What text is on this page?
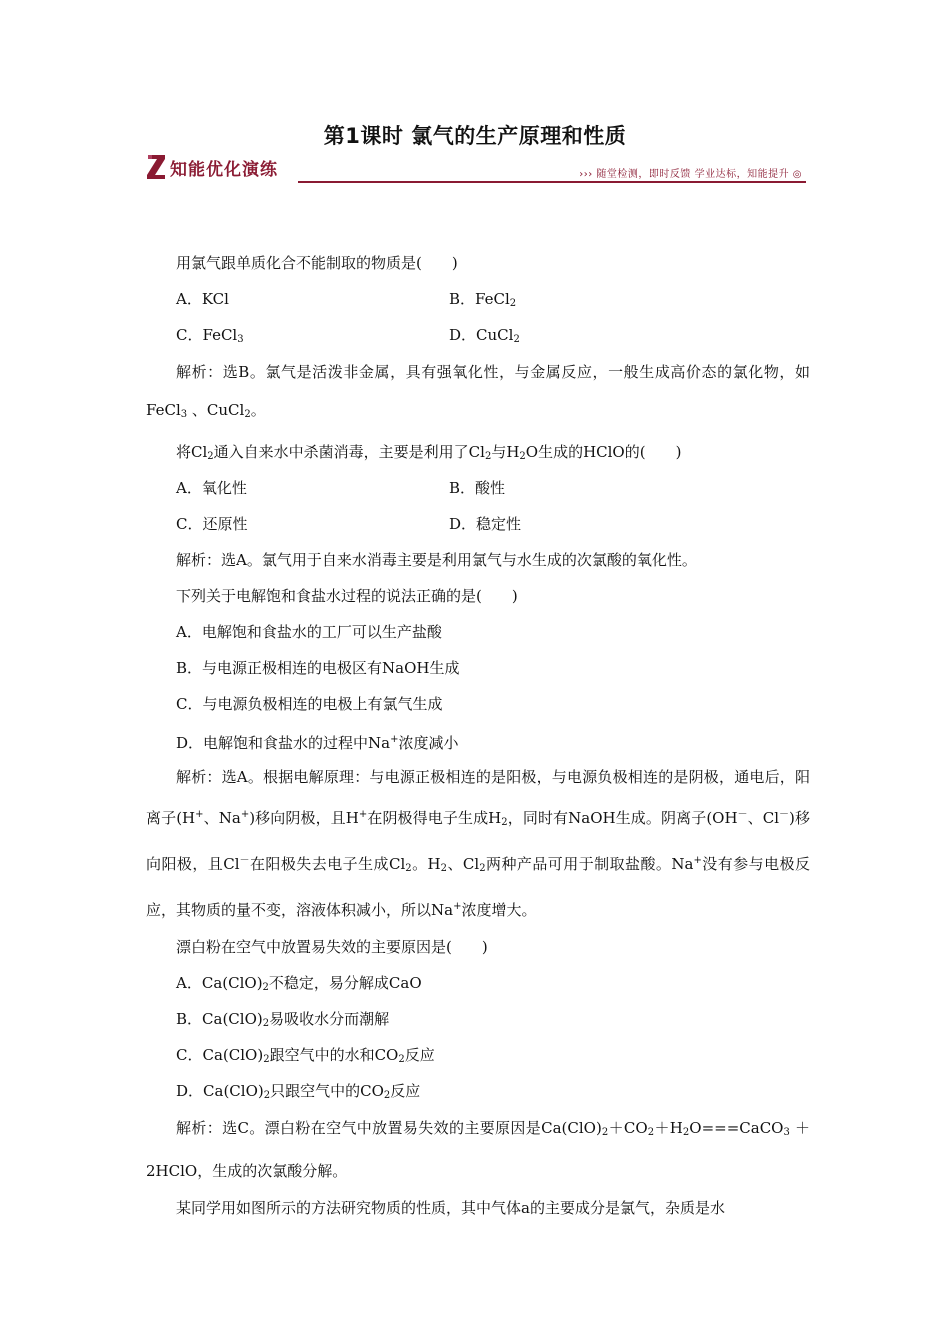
第1课时 氯气的生产原理和性质
知能优化演练	››› 随堂检测，即时反馈 学业达标，知能提升 ◎
用氯气跟单质化合不能制取的物质是(　　)
A．KCl	B．FeCl$_2$
C．FeCl$_3$	D．CuCl$_2$

解析：选B。氯气是活泼非金属，具有强氧化性，与金属反应，一般生成高价态的氯化物，如FeCl$_3$ 、CuCl$_2$。

将$Cl_2$通入自来水中杀菌消毒，主要是利用了$Cl_2$与$H_2O$生成的HClO的(　　)
A．氧化性	B．酸性
C．还原性	D．稳定性
解析：选A。氯气用于自来水消毒主要是利用氯气与水生成的次氯酸的氧化性。
下列关于电解饱和食盐水过程的说法正确的是(　　)
A．电解饱和食盐水的工厂可以生产盐酸
B．与电源正极相连的电极区有NaOH生成
C．与电源负极相连的电极上有氯气生成
D．电解饱和食盐水的过程中Na+浓度减小

解析：选A。根据电解原理：与电源正极相连的是阳极，与电源负极相连的是阴极，通电后，阳离子(H+、Na+)移向阴极，且H+在阴极得电子生成$H_2$，同时有NaOH生成。阴离子(OH－、Cl－)移向阳极，且Cl－在阳极失去电子生成$Cl_2$。$H_2$、$Cl_2$两种产品可用于制取盐酸。Na+没有参与电极反应，其物质的量不变，溶液体积减小，所以Na+浓度增大。

漂白粉在空气中放置易失效的主要原因是(　　)
A．$Ca(ClO)_2$不稳定，易分解成CaO
B．$Ca(ClO)_2$易吸收水分而潮解
C．$Ca(ClO)_2$跟空气中的水和$CO_2$反应
D．$Ca(ClO)_2$只跟空气中的$CO_2$反应

解析：选C。漂白粉在空气中放置易失效的主要原因是$Ca(ClO)_2+CO_2+H_2O===CaCO_3$ ＋2HClO，生成的次氯酸分解。

某同学用如图所示的方法研究物质的性质，其中气体a的主要成分是氯气，杂质是水
